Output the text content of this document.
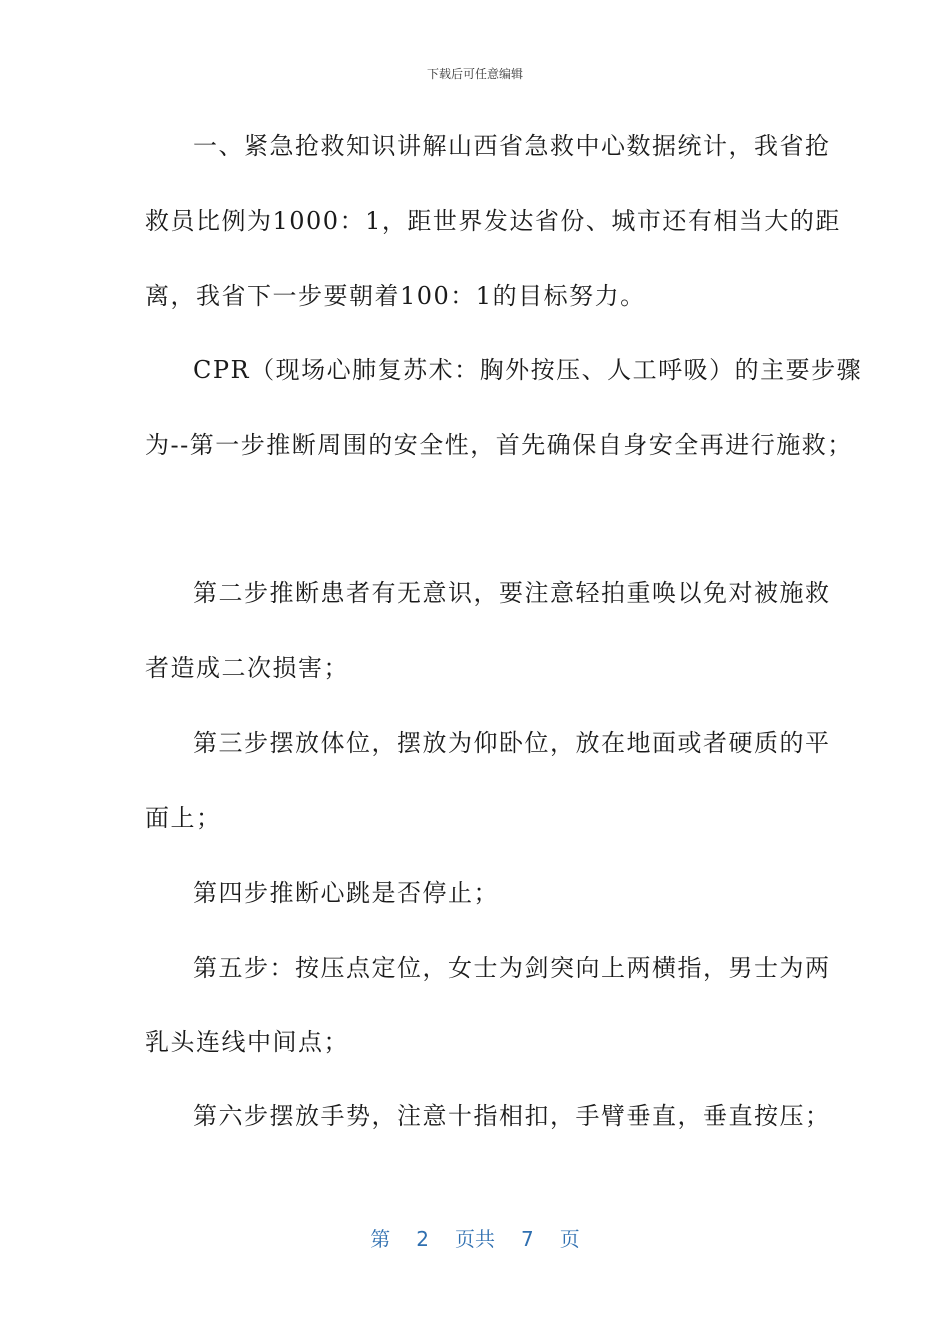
下载后可任意编辑
一、紧急抢救知识讲解山西省急救中心数据统计，我省抢
救员比例为1000：1，距世界发达省份、城市还有相当大的距
离，我省下一步要朝着100：1的目标努力。
CPR（现场心肺复苏术：胸外按压、人工呼吸）的主要步骤
为--第一步推断周围的安全性，首先确保自身安全再进行施救；
第二步推断患者有无意识，要注意轻拍重唤以免对被施救
者造成二次损害；
第三步摆放体位，摆放为仰卧位，放在地面或者硬质的平
面上；
第四步推断心跳是否停止；
第五步：按压点定位，女士为剑突向上两横指，男士为两
乳头连线中间点；
第六步摆放手势，注意十指相扣，手臂垂直，垂直按压；
第 2 页共 7 页
